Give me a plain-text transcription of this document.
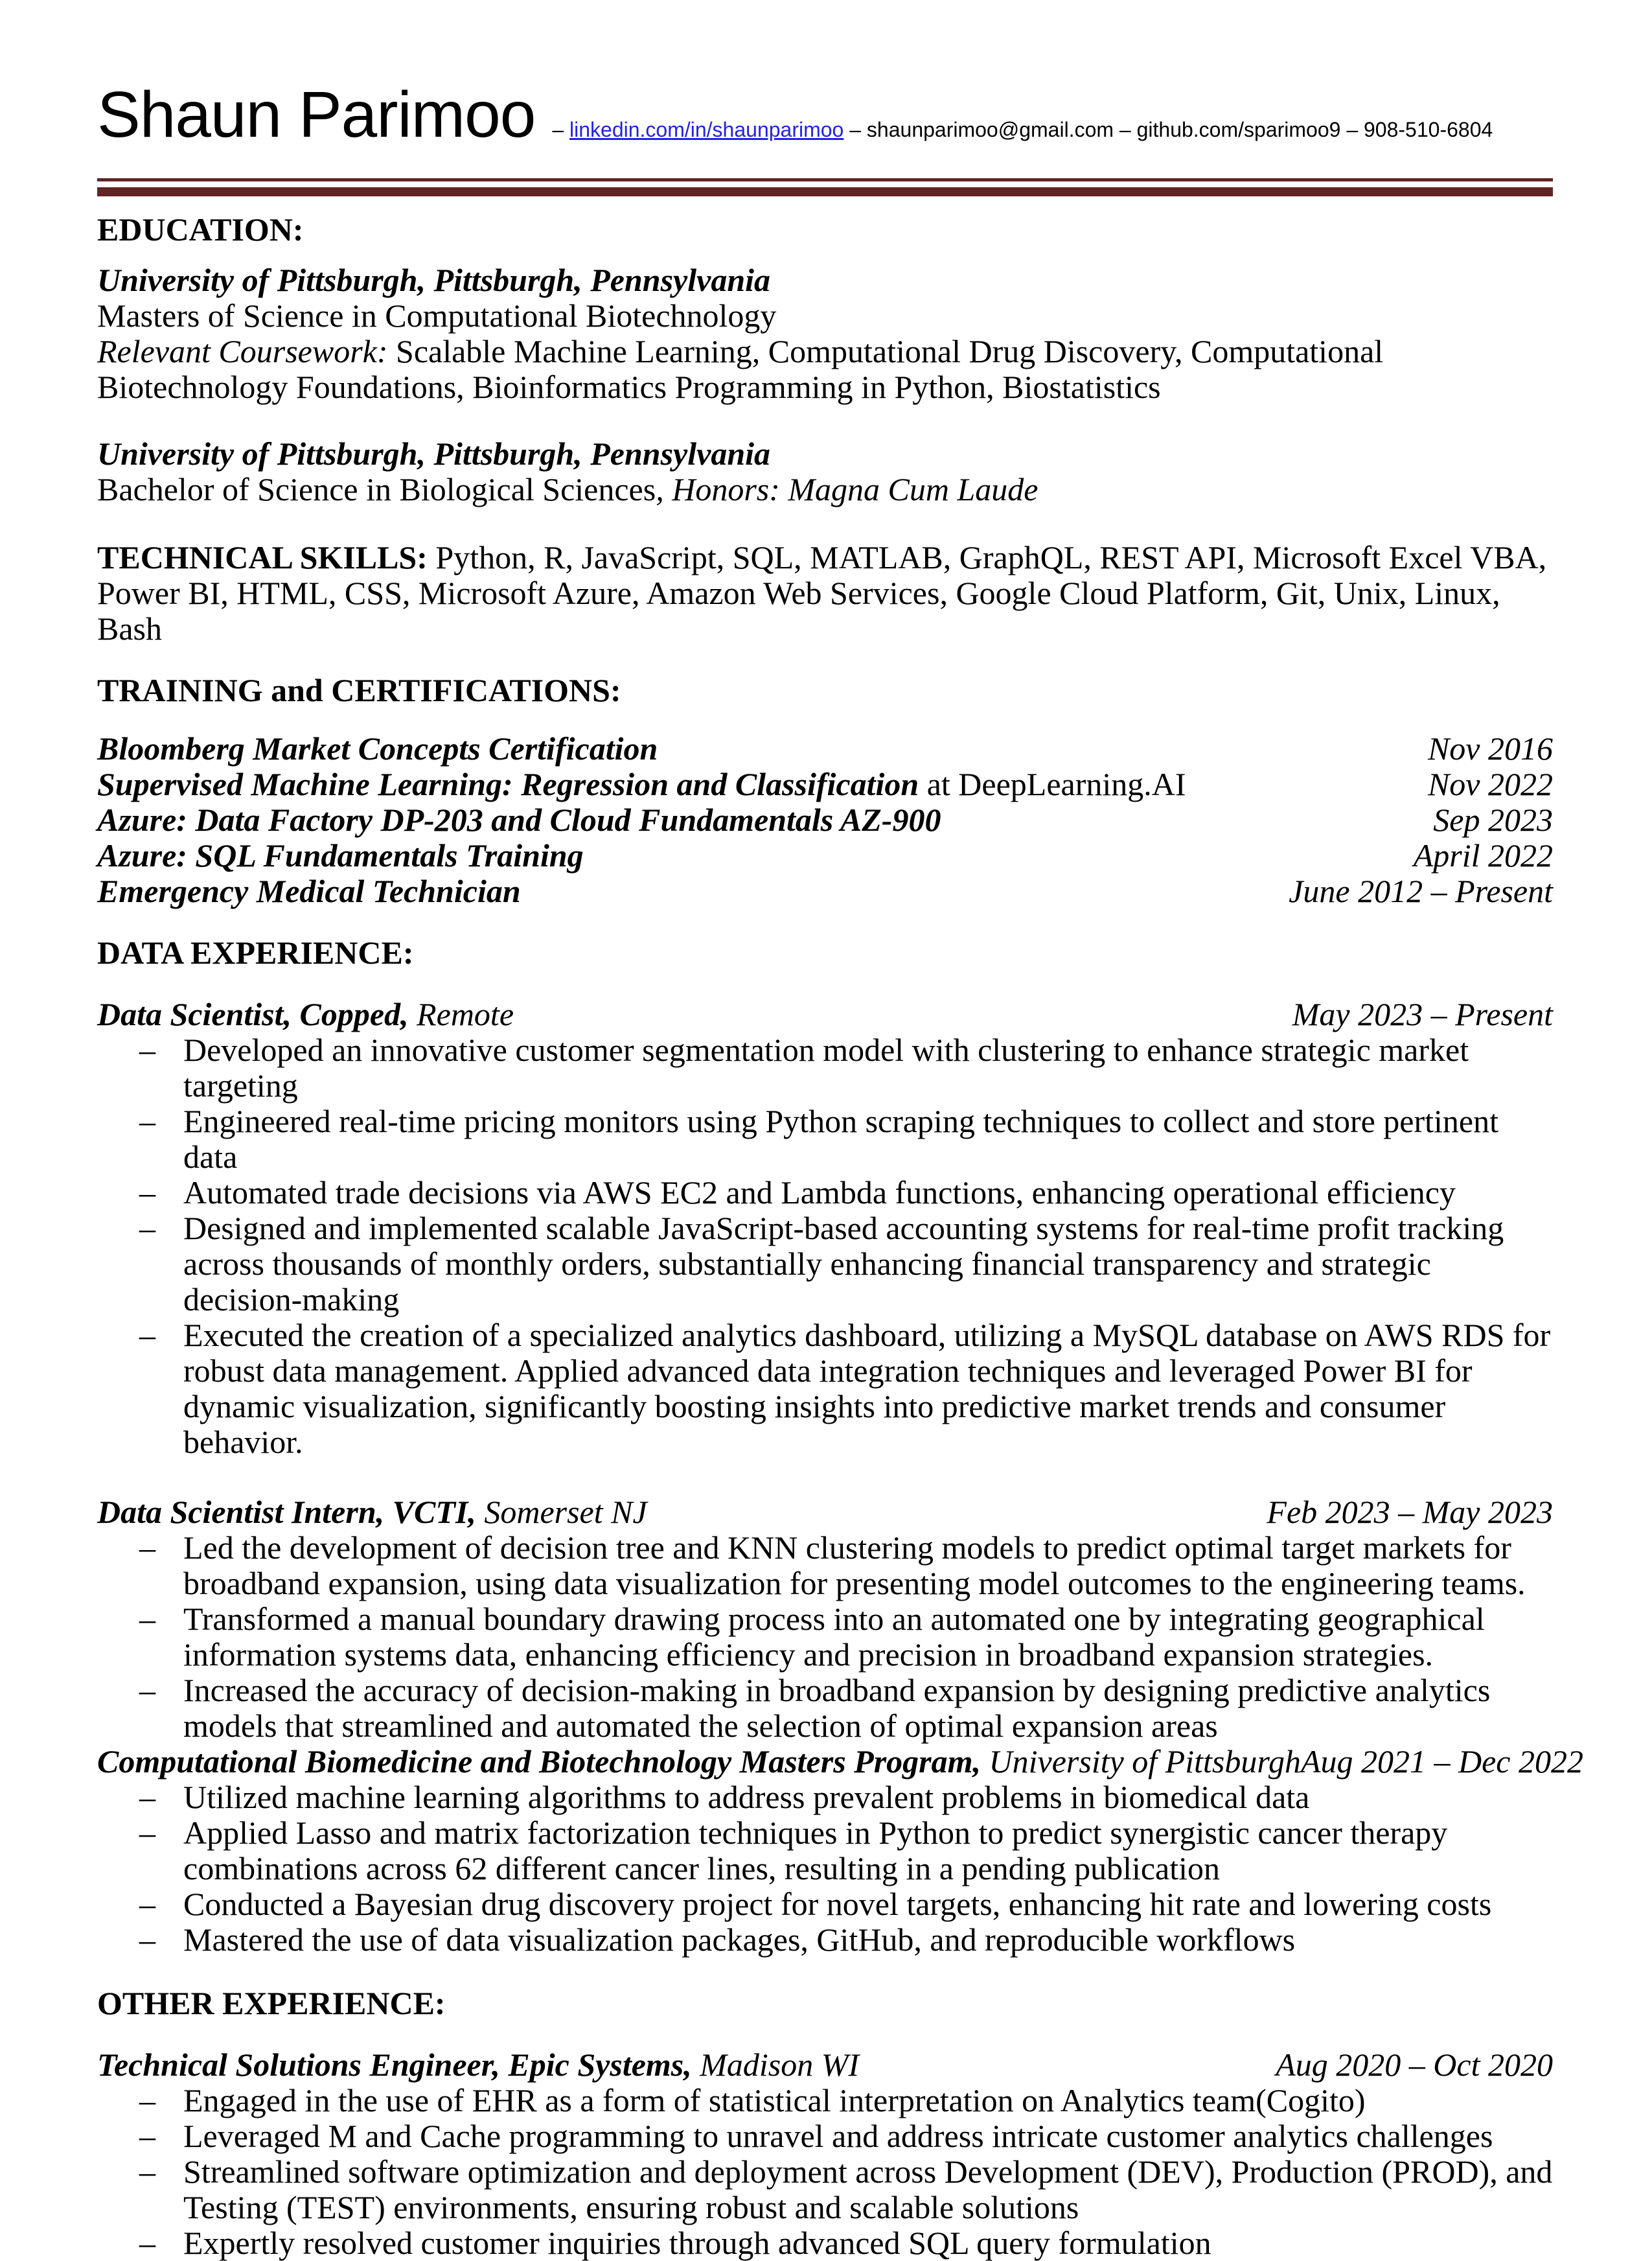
Shaun Parimoo – linkedin.com/in/shaunparimoo – shaunparimoo@gmail.com – github.com/sparimoo9 – 908-510-6804
EDUCATION:

University of Pittsburgh, Pittsburgh, Pennsylvania

Masters of Science in Computational Biotechnology

Relevant Coursework: Scalable Machine Learning, Computational Drug Discovery, Computational Biotechnology Foundations, Bioinformatics Programming in Python, Biostatistics

University of Pittsburgh, Pittsburgh, Pennsylvania

Bachelor of Science in Biological Sciences, Honors: Magna Cum Laude

TECHNICAL SKILLS: Python, R, JavaScript, SQL, MATLAB, GraphQL, REST API, Microsoft Excel VBA, Power BI, HTML, CSS, Microsoft Azure, Amazon Web Services, Google Cloud Platform, Git, Unix, Linux, Bash

TRAINING and CERTIFICATIONS:
Bloomberg Market Concepts Certification	Nov 2016
Supervised Machine Learning: Regression and Classification at DeepLearning.AI	Nov 2022
Azure: Data Factory DP-203 and Cloud Fundamentals AZ-900	Sep 2023
Azure: SQL Fundamentals Training	April 2022
Emergency Medical Technician	June 2012 – Present
DATA EXPERIENCE:
Data Scientist, Copped, Remote	May 2023 – Present
– Developed an innovative customer segmentation model with clustering to enhance strategic market targeting
– Engineered real-time pricing monitors using Python scraping techniques to collect and store pertinent data
– Automated trade decisions via AWS EC2 and Lambda functions, enhancing operational efficiency
– Designed and implemented scalable JavaScript-based accounting systems for real-time profit tracking across thousands of monthly orders, substantially enhancing financial transparency and strategic decision-making
– Executed the creation of a specialized analytics dashboard, utilizing a MySQL database on AWS RDS for robust data management. Applied advanced data integration techniques and leveraged Power BI for dynamic visualization, significantly boosting insights into predictive market trends and consumer behavior.
Data Scientist Intern, VCTI, Somerset NJ	Feb 2023 – May 2023
– Led the development of decision tree and KNN clustering models to predict optimal target markets for broadband expansion, using data visualization for presenting model outcomes to the engineering teams.
– Transformed a manual boundary drawing process into an automated one by integrating geographical information systems data, enhancing efficiency and precision in broadband expansion strategies.
– Increased the accuracy of decision-making in broadband expansion by designing predictive analytics models that streamlined and automated the selection of optimal expansion areas
Computational Biomedicine and Biotechnology Masters Program, University of Pittsburgh Aug 2021 – Dec 2022
– Utilized machine learning algorithms to address prevalent problems in biomedical data
– Applied Lasso and matrix factorization techniques in Python to predict synergistic cancer therapy combinations across 62 different cancer lines, resulting in a pending publication
– Conducted a Bayesian drug discovery project for novel targets, enhancing hit rate and lowering costs
– Mastered the use of data visualization packages, GitHub, and reproducible workflows
OTHER EXPERIENCE:
Technical Solutions Engineer, Epic Systems, Madison WI	Aug 2020 – Oct 2020
– Engaged in the use of EHR as a form of statistical interpretation on Analytics team(Cogito)
– Leveraged M and Cache programming to unravel and address intricate customer analytics challenges
– Streamlined software optimization and deployment across Development (DEV), Production (PROD), and Testing (TEST) environments, ensuring robust and scalable solutions
– Expertly resolved customer inquiries through advanced SQL query formulation
